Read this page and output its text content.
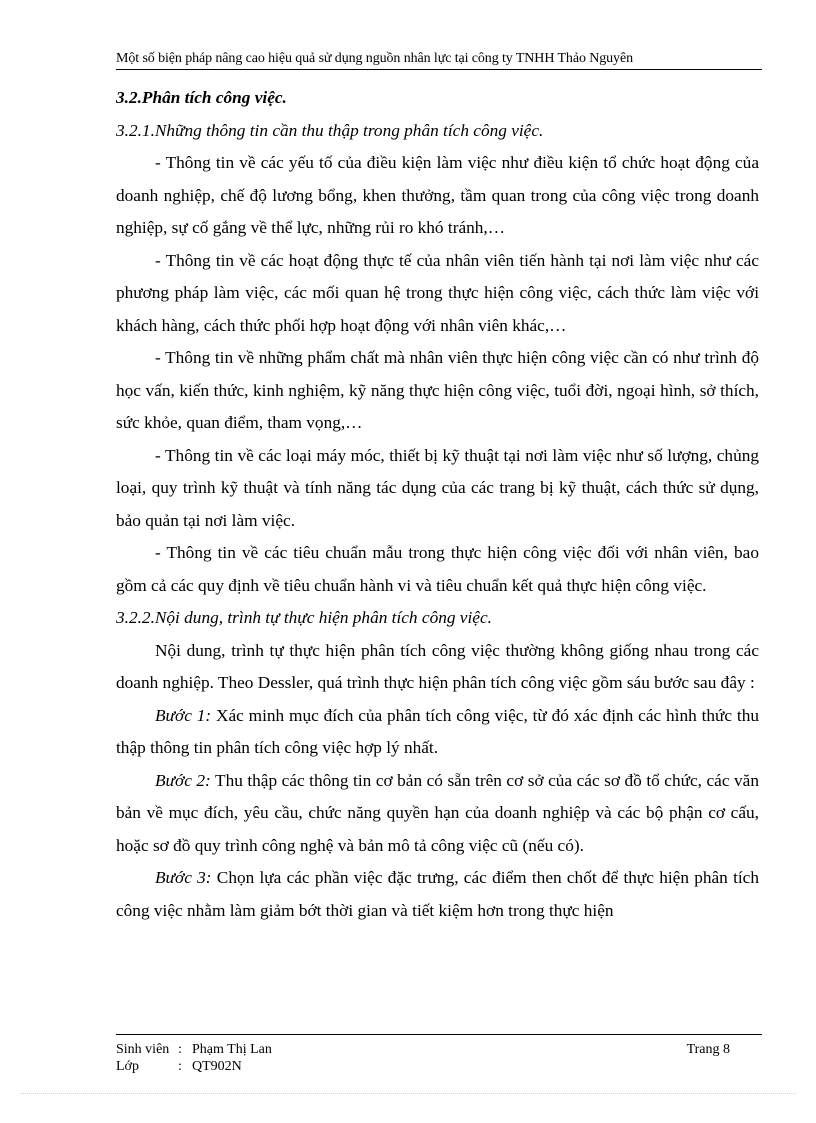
Một số biện pháp nâng cao hiệu quả sử dụng nguồn nhân lực tại công ty TNHH Thảo Nguyên

3.2.Phân tích công việc.

3.2.1.Những thông tin cần thu thập trong phân tích công việc.

- Thông tin về các yếu tố của điều kiện làm việc như điều kiện tổ chức hoạt động của doanh nghiệp, chế độ lương bổng, khen thưởng, tầm quan trong của công việc trong doanh nghiệp, sự cố gắng về thể lực, những rủi ro khó tránh,…

- Thông tin về các hoạt động thực tế của nhân viên tiến hành tại nơi làm việc như các phương pháp làm việc, các mối quan hệ trong thực hiện công việc, cách thức làm việc với khách hàng, cách thức phối hợp hoạt động với nhân viên khác,…

- Thông tin về những phẩm chất mà nhân viên thực hiện công việc cần có như trình độ học vấn, kiến thức, kinh nghiệm, kỹ năng thực hiện công việc, tuổi đời, ngoại hình, sở thích, sức khỏe, quan điểm, tham vọng,…

- Thông tin về các loại máy móc, thiết bị kỹ thuật tại nơi làm việc như số lượng, chủng loại, quy trình kỹ thuật và tính năng tác dụng của các trang bị kỹ thuật, cách thức sử dụng, bảo quản tại nơi làm việc.

- Thông tin về các tiêu chuẩn mẫu trong thực hiện công việc đối với nhân viên, bao gồm cả các quy định về tiêu chuẩn hành vi và tiêu chuẩn kết quả thực hiện công việc.

3.2.2.Nội dung, trình tự thực hiện phân tích công việc.

Nội dung, trình tự thực hiện phân tích công việc thường không giống nhau trong các doanh nghiệp. Theo Dessler, quá trình thực hiện phân tích công việc gồm sáu bước sau đây :

Bước 1: Xác minh mục đích của phân tích công việc, từ đó xác định các hình thức thu thập thông tin phân tích công việc hợp lý nhất.

Bước 2: Thu thập các thông tin cơ bản có sẵn trên cơ sở của các sơ đồ tổ chức, các văn bản về mục đích, yêu cầu, chức năng quyền hạn của doanh nghiệp và các bộ phận cơ cấu, hoặc sơ đồ quy trình công nghệ và bản mô tả công việc cũ (nếu có).

Bước 3: Chọn lựa các phần việc đặc trưng, các điểm then chốt để thực hiện phân tích công việc nhằm làm giảm bớt thời gian và tiết kiệm hơn trong thực hiện

Sinh viên : Phạm Thị Lan	Trang 8
Lớp	: QT902N
